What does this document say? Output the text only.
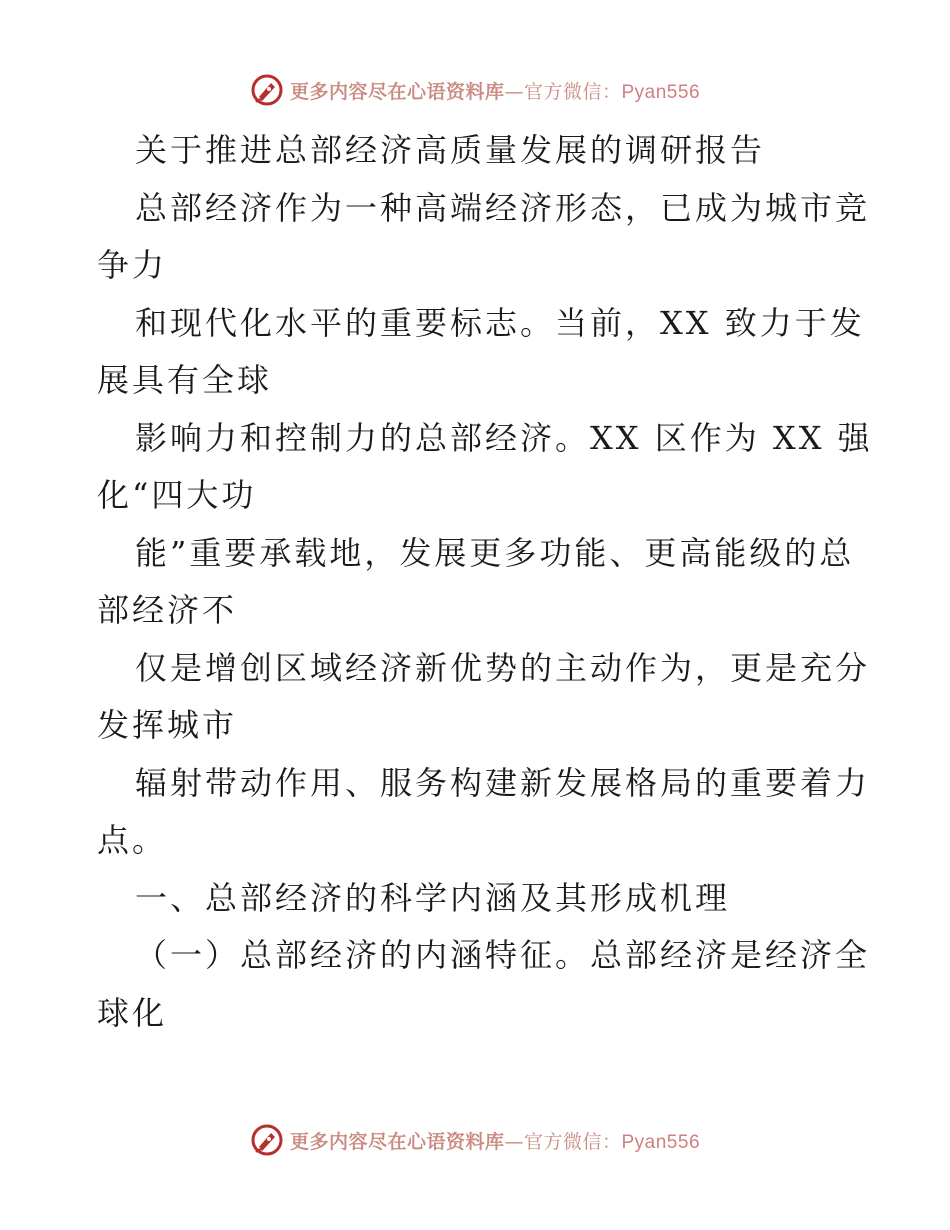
更多内容尽在心语资料库—官方微信：Pyan556
关于推进总部经济高质量发展的调研报告
总部经济作为一种高端经济形态，已成为城市竞
争力
和现代化水平的重要标志。当前，XX 致力于发
展具有全球
影响力和控制力的总部经济。XX 区作为 XX 强
化“四大功
能”重要承载地，发展更多功能、更高能级的总
部经济不
仅是增创区域经济新优势的主动作为，更是充分
发挥城市
辐射带动作用、服务构建新发展格局的重要着力
点。
一、总部经济的科学内涵及其形成机理
（一）总部经济的内涵特征。总部经济是经济全
球化
更多内容尽在心语资料库—官方微信：Pyan556
